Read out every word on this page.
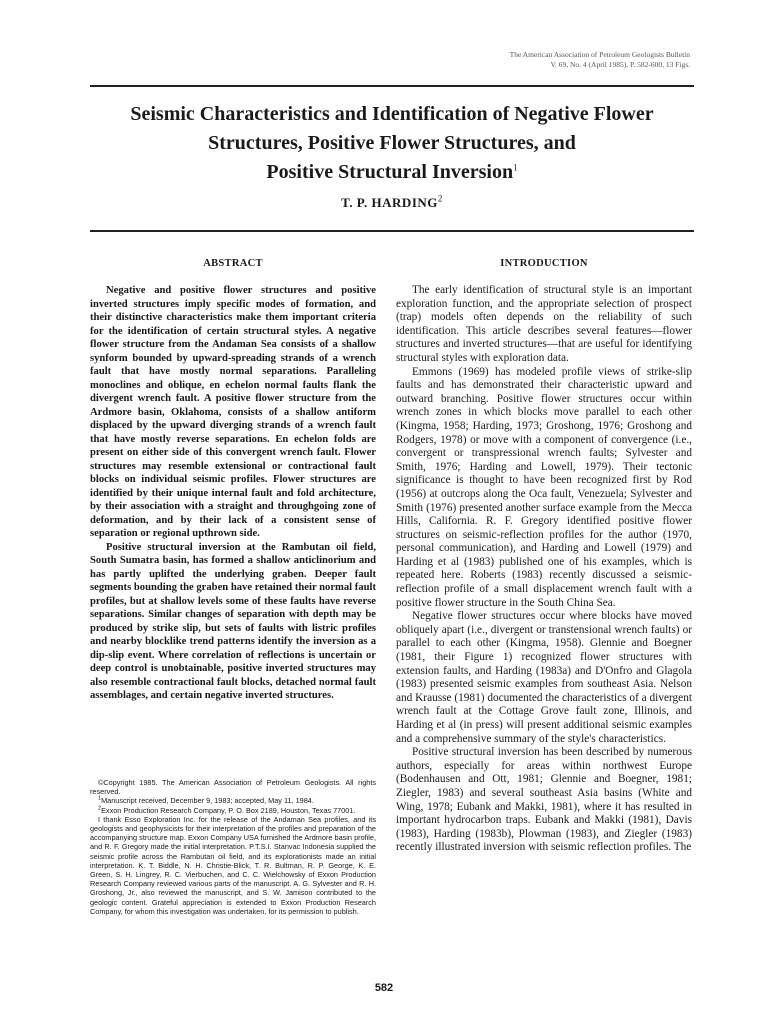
The American Association of Petroleum Geologists Bulletin
V. 69, No. 4 (April 1985), P. 582-600, 13 Figs.
Seismic Characteristics and Identification of Negative Flower
Structures, Positive Flower Structures, and
Positive Structural Inversion$^1$
T. P. HARDING$^2$
ABSTRACT

Negative and positive flower structures and positive inverted structures imply specific modes of formation, and their distinctive characteristics make them important criteria for the identification of certain structural styles. A negative flower structure from the Andaman Sea consists of a shallow synform bounded by upward-spreading strands of a wrench fault that have mostly normal separations. Paralleling monoclines and oblique, en echelon normal faults flank the divergent wrench fault. A positive flower structure from the Ardmore basin, Oklahoma, consists of a shallow antiform displaced by the upward diverging strands of a wrench fault that have mostly reverse separations. En echelon folds are present on either side of this convergent wrench fault. Flower structures may resemble extensional or contractional fault blocks on individual seismic profiles. Flower structures are identified by their unique internal fault and fold architecture, by their association with a straight and throughgoing zone of deformation, and by their lack of a consistent sense of separation or regional upthrown side.

Positive structural inversion at the Rambutan oil field, South Sumatra basin, has formed a shallow anticlinorium and has partly uplifted the underlying graben. Deeper fault segments bounding the graben have retained their normal fault profiles, but at shallow levels some of these faults have reverse separations. Similar changes of separation with depth may be produced by strike slip, but sets of faults with listric profiles and nearby blocklike trend patterns identify the inversion as a dip-slip event. Where correlation of reflections is uncertain or deep control is unobtainable, positive inverted structures may also resemble contractional fault blocks, detached normal fault assemblages, and certain negative inverted structures.

©Copyright 1985. The American Association of Petroleum Geologists. All rights reserved.

$^1$Manuscript received, December 9, 1983; accepted, May 11, 1984.

$^2$Exxon Production Research Company, P. O. Box 2189, Houston, Texas 77001.

I thank Esso Exploration Inc. for the release of the Andaman Sea profiles, and its geologists and geophysicists for their interpretation of the profiles and preparation of the accompanying structure map. Exxon Company USA furnished the Ardmore basin profile, and R. F. Gregory made the initial interpretation. P.T.S.I. Stanvac Indonesia supplied the seismic profile across the Rambutan oil field, and its explorationists made an initial interpretation. K. T. Biddle, N. H. Christie-Blick, T. R. Bultman, R. P. George, K. E. Green, S. H. Lingrey, R. C. Vierbuchen, and C. C. Wielchowsky of Exxon Production Research Company reviewed various parts of the manuscript. A. G. Sylvester and R. H. Groshong, Jr., also reviewed the manuscript, and S. W. Jamison contributed to the geologic content. Grateful appreciation is extended to Exxon Production Research Company, for whom this investigation was undertaken, for its permission to publish.

INTRODUCTION

The early identification of structural style is an important exploration function, and the appropriate selection of prospect (trap) models often depends on the reliability of such identification. This article describes several features—flower structures and inverted structures—that are useful for identifying structural styles with exploration data.

Emmons (1969) has modeled profile views of strike-slip faults and has demonstrated their characteristic upward and outward branching. Positive flower structures occur within wrench zones in which blocks move parallel to each other (Kingma, 1958; Harding, 1973; Groshong, 1976; Groshong and Rodgers, 1978) or move with a component of convergence (i.e., convergent or transpressional wrench faults; Sylvester and Smith, 1976; Harding and Lowell, 1979). Their tectonic significance is thought to have been recognized first by Rod (1956) at outcrops along the Oca fault, Venezuela; Sylvester and Smith (1976) presented another surface example from the Mecca Hills, California. R. F. Gregory identified positive flower structures on seismic-reflection profiles for the author (1970, personal communication), and Harding and Lowell (1979) and Harding et al (1983) published one of his examples, which is repeated here. Roberts (1983) recently discussed a seismic-reflection profile of a small displacement wrench fault with a positive flower structure in the South China Sea.

Negative flower structures occur where blocks have moved obliquely apart (i.e., divergent or transtensional wrench faults) or parallel to each other (Kingma, 1958). Glennie and Boegner (1981, their Figure 1) recognized flower structures with extension faults, and Harding (1983a) and D'Onfro and Glagola (1983) presented seismic examples from southeast Asia. Nelson and Krausse (1981) documented the characteristics of a divergent wrench fault at the Cottage Grove fault zone, Illinois, and Harding et al (in press) will present additional seismic examples and a comprehensive summary of the style's characteristics.

Positive structural inversion has been described by numerous authors, especially for areas within northwest Europe (Bodenhausen and Ott, 1981; Glennie and Boegner, 1981; Ziegler, 1983) and several southeast Asia basins (White and Wing, 1978; Eubank and Makki, 1981), where it has resulted in important hydrocarbon traps. Eubank and Makki (1981), Davis (1983), Harding (1983b), Plowman (1983), and Ziegler (1983) recently illustrated inversion with seismic reflection profiles. The

582
